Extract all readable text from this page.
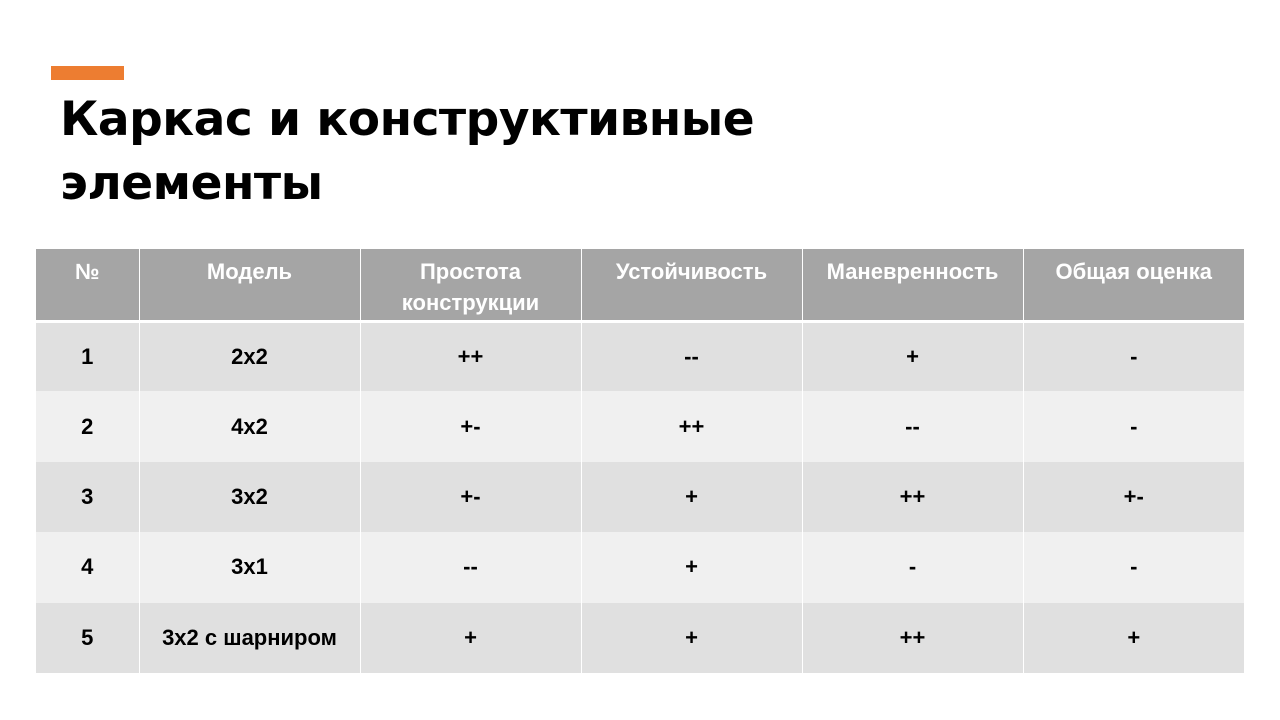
Каркас и конструктивные элементы
№	Модель	Простота конструкции	Устойчивость	Маневренность	Общая оценка
1	2x2	++	--	+	-
2	4x2	+-	++	--	-
3	3x2	+-	+	++	+-
4	3x1	--	+	-	-
5	3x2 с шарниром	+	+	++	+
